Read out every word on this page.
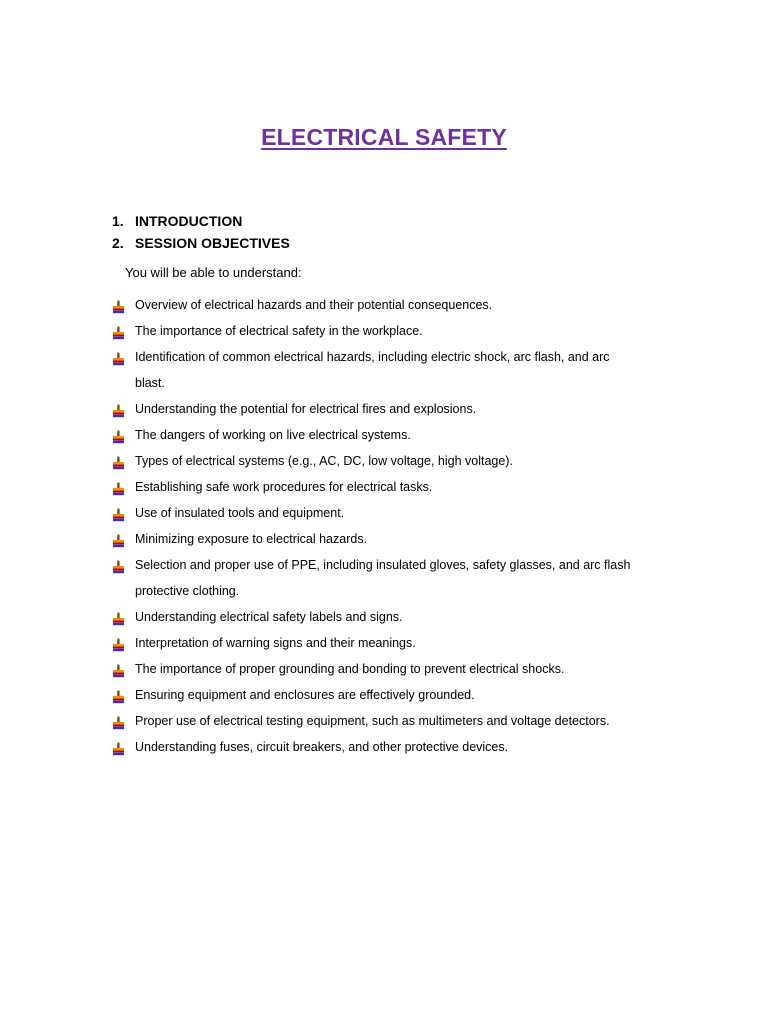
ELECTRICAL SAFETY
1. INTRODUCTION
2. SESSION OBJECTIVES
You will be able to understand:
Overview of electrical hazards and their potential consequences.
The importance of electrical safety in the workplace.
Identification of common electrical hazards, including electric shock, arc flash, and arc blast.
Understanding the potential for electrical fires and explosions.
The dangers of working on live electrical systems.
Types of electrical systems (e.g., AC, DC, low voltage, high voltage).
Establishing safe work procedures for electrical tasks.
Use of insulated tools and equipment.
Minimizing exposure to electrical hazards.
Selection and proper use of PPE, including insulated gloves, safety glasses, and arc flash protective clothing.
Understanding electrical safety labels and signs.
Interpretation of warning signs and their meanings.
The importance of proper grounding and bonding to prevent electrical shocks.
Ensuring equipment and enclosures are effectively grounded.
Proper use of electrical testing equipment, such as multimeters and voltage detectors.
Understanding fuses, circuit breakers, and other protective devices.
